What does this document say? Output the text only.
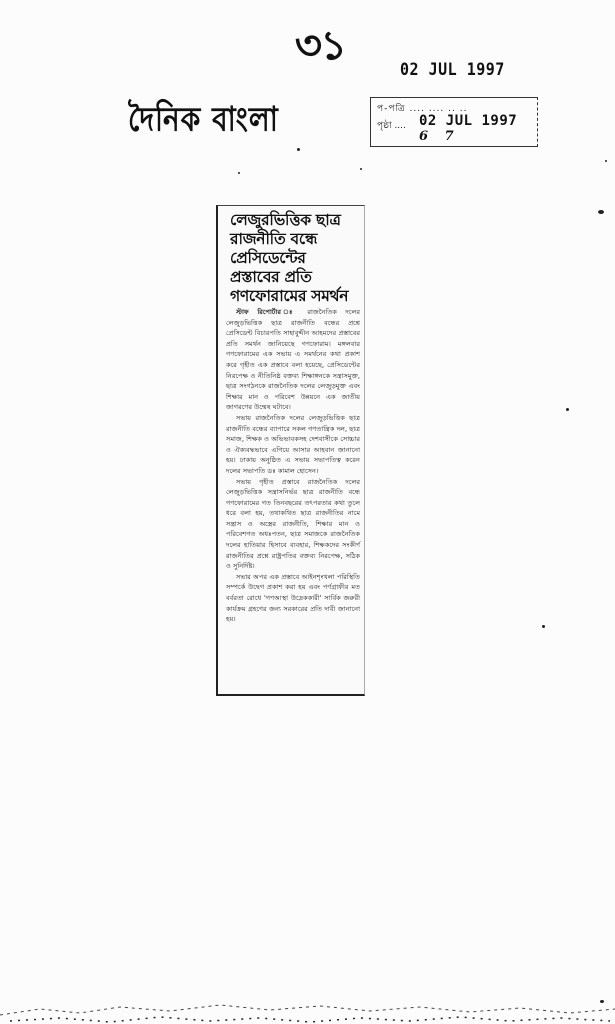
৩১	02 JUL 1997
দৈনিক বাংলা	প-পত্রি .... .... .. ..
পৃষ্ঠা .... 02 JUL 1997
6 7
লেজুরভিত্তিক ছাত্র রাজনীতি বন্ধে প্রেসিডেন্টের প্রস্তাবের প্রতি গণফোরামের সমর্থন

স্টাফ রিপোর্টার ঃ রাজনৈতিক দলের লেজুড়ভিত্তিক ছাত্র রাজনীতি বন্ধের প্রশ্নে প্রেসিডেন্ট বিচারপতি সাহাবুদ্দীন আহমদের প্রস্তাবের প্রতি সমর্থন জানিয়েছে গণফোরাম। মঙ্গলবার গণফোরামের এক সভায় এ সমর্থনের কথা প্রকাশ করে গৃহীত এক প্রস্তাবে বলা হয়েছে, প্রেসিডেন্টের নিরপেক্ষ ও নীতিনিষ্ঠ বক্তব্য শিক্ষাঙ্গনকে সন্ত্রাসমুক্ত, ছাত্র সংগঠনকে রাজনৈতিক দলের লেজুড়মুক্ত এবং শিক্ষার মান ও পরিবেশ উন্নয়নে এক জাতীয় জাগরণের উন্মেষ ঘটাবে।

সভায় রাজনৈতিক দলের লেজুড়ভিত্তিক ছাত্র রাজনীতি বন্ধের ব্যাপারে সকল গণতান্ত্রিক দল, ছাত্র সমাজ, শিক্ষক ও অভিভাবকসহ দেশবাসীকে সোচ্চার ও ঐক্যবদ্ধভাবে এগিয়ে আসার আহবান জানানো হয়। ঢাকায় অনুষ্ঠিত এ সভায় সভাপতিত্ব করেন দলের সভাপতি ডঃ কামাল হোসেন।

সভায় গৃহীত প্রস্তাবে রাজনৈতিক দলের লেজুড়ভিত্তিক সন্ত্রাসনির্ভর ছাত্র রাজনীতি বন্ধে গণফোরামের গত তিনবছরের তৎপরতার কথা তুলে ধরে বলা হয়, তথাকথিত ছাত্র রাজনীতির নামে সন্ত্রাস ও অস্ত্রের রাজনীতি, শিক্ষার মান ও পরিবেশগত অধঃপতন, ছাত্র সমাজকে রাজনৈতিক দলের হাতিয়ার হিসাবে ব্যবহার, শিক্ষকদের সংকীর্ণ রাজনীতির প্রশ্নে রাষ্ট্রপতির বক্তব্য নিরপেক্ষ, সঠিক ও সুনির্দিষ্ট।

সভার অপর এক প্রস্তাবে আইনশৃংখলা পরিস্থিতি সম্পর্কে উদ্বেগ প্রকাশ করা হয় এবং পর্ণগ্রাফীর মত বর্বরতা রোধে 'গণআস্থা উদ্রেককারী' সার্বিক জরুরী কার্যক্রম গ্রহণের জন্য সরকারের প্রতি দাবী জানানো হয়।
